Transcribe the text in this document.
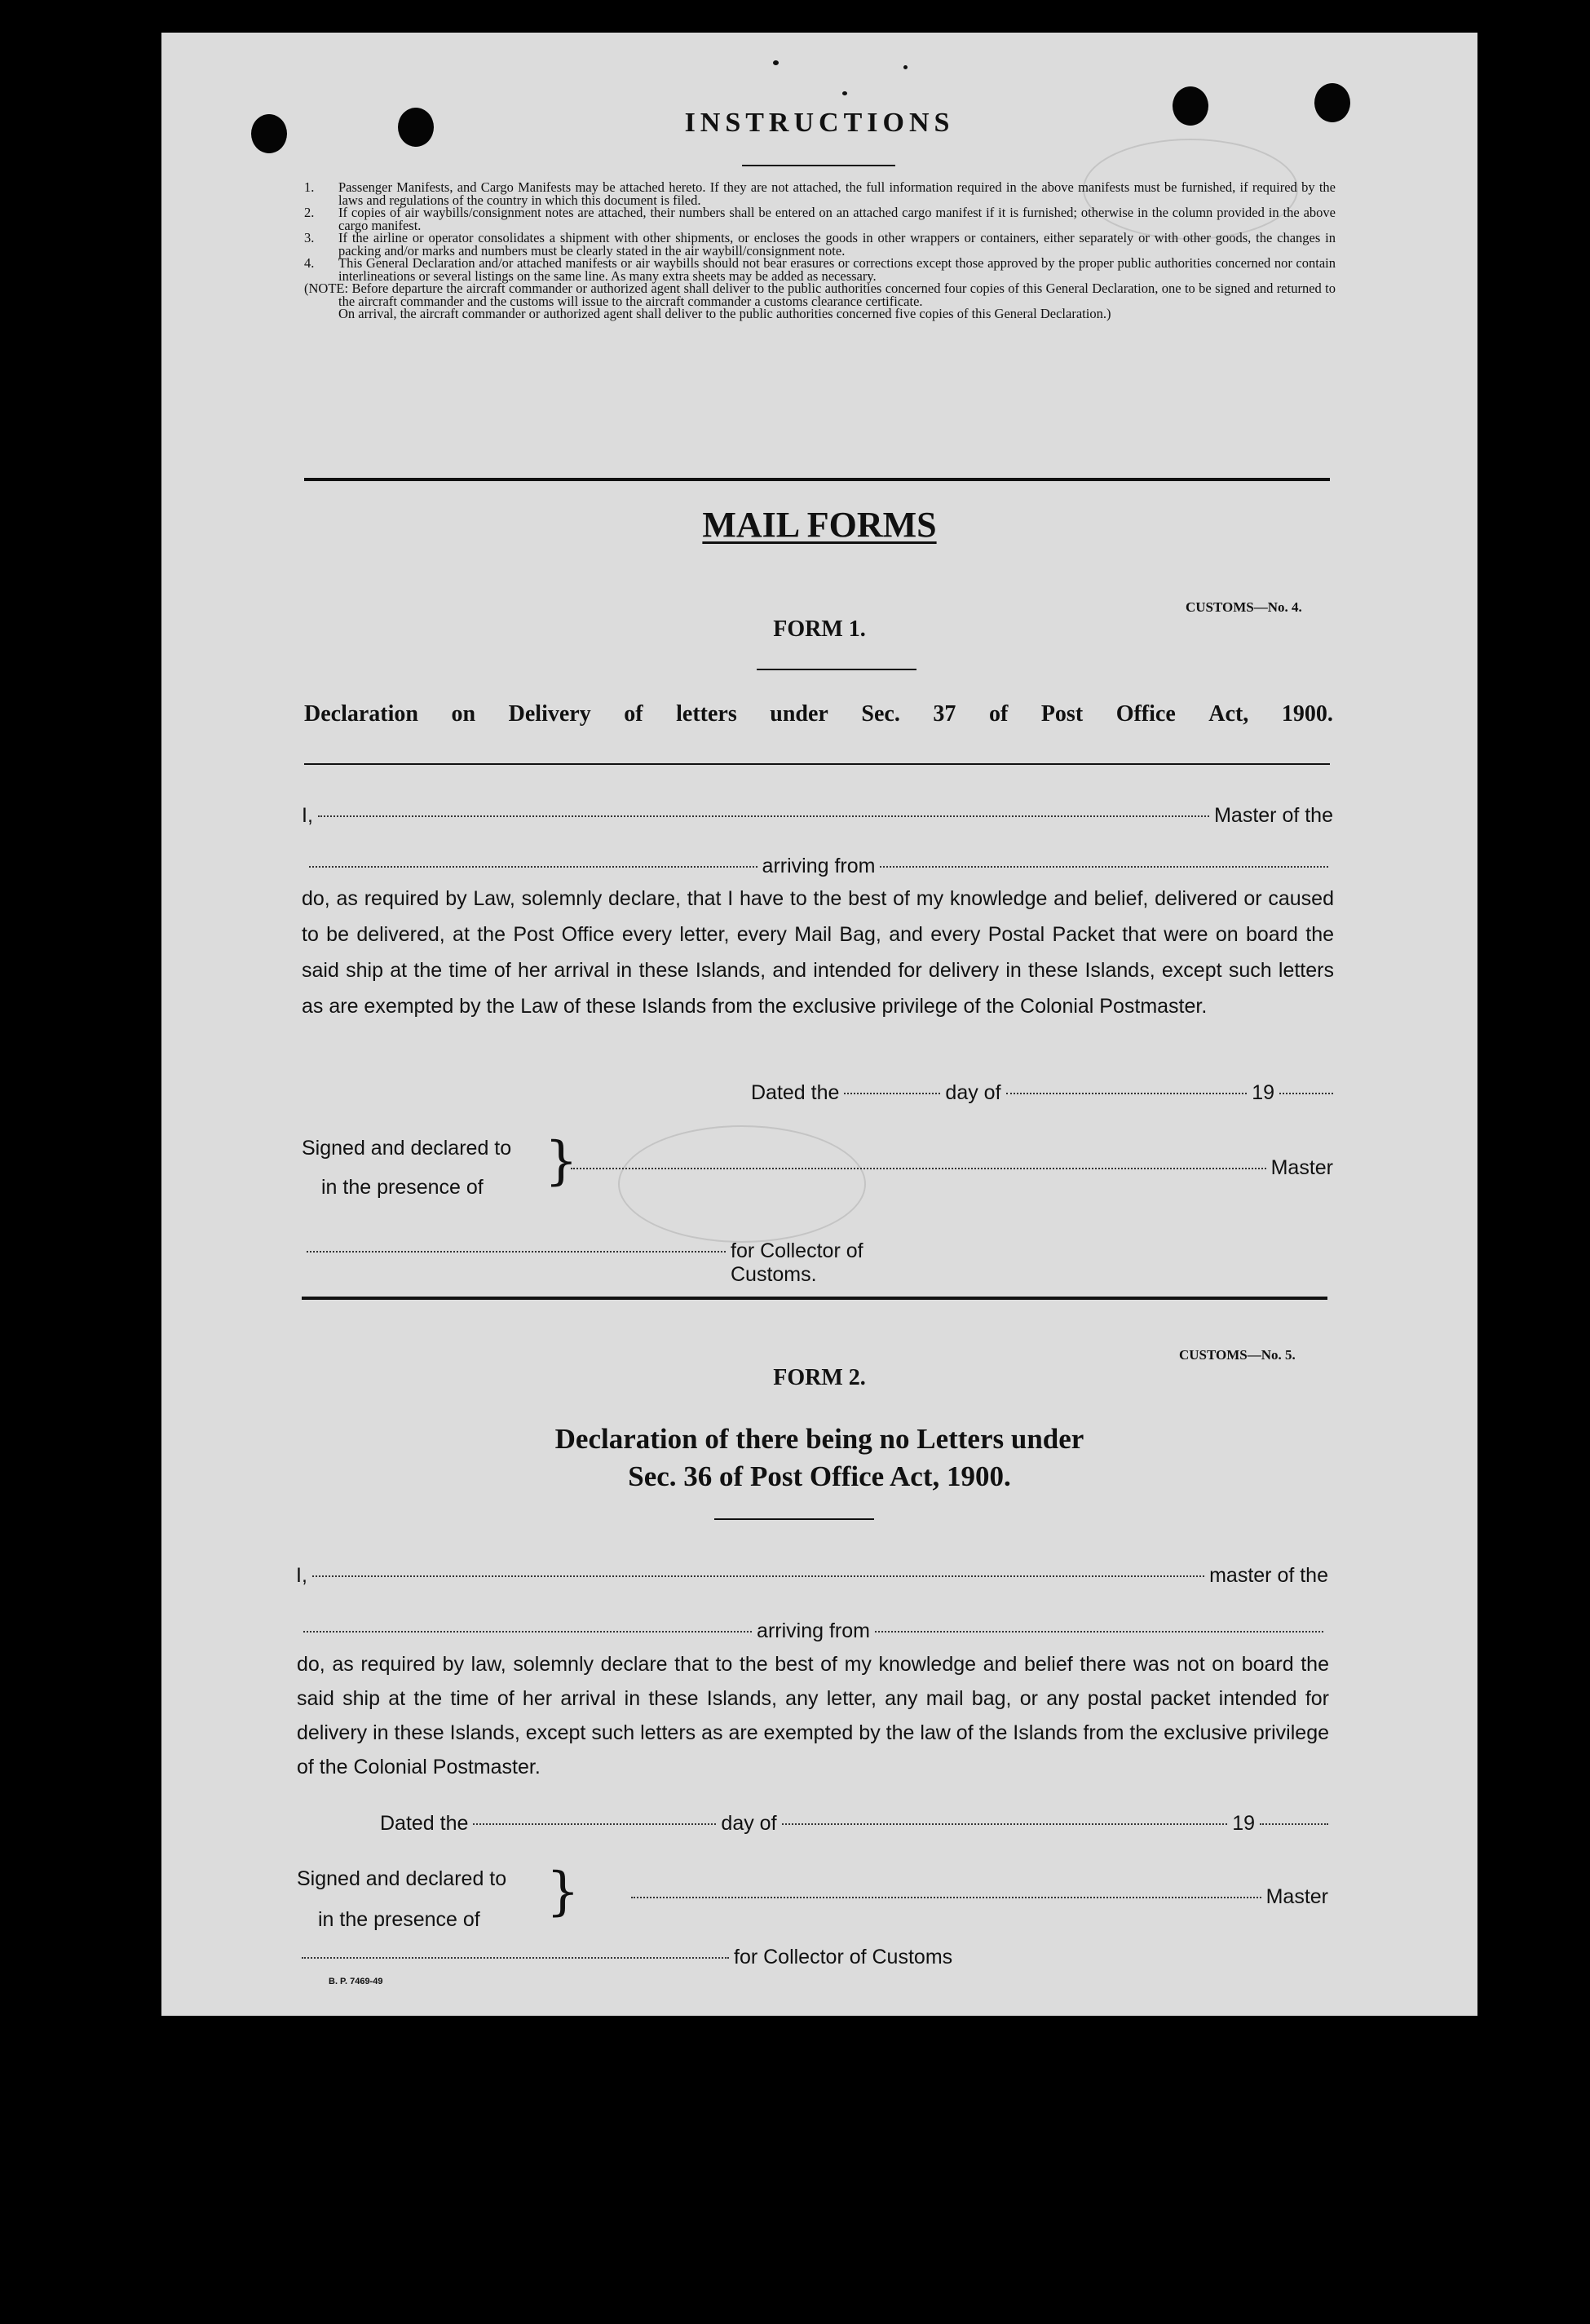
INSTRUCTIONS
1.	Passenger Manifests, and Cargo Manifests may be attached hereto. If they are not attached, the full information required in the above manifests must be furnished, if required by the laws and regulations of the country in which this document is filed.
2.	If copies of air waybills/consignment notes are attached, their numbers shall be entered on an attached cargo manifest if it is furnished; otherwise in the column provided in the above cargo manifest.
3.	If the airline or operator consolidates a shipment with other shipments, or encloses the goods in other wrappers or containers, either separately or with other goods, the changes in packing and/or marks and numbers must be clearly stated in the air waybill/consignment note.
4.	This General Declaration and/or attached manifests or air waybills should not bear erasures or corrections except those approved by the proper public authorities concerned nor contain interlineations or several listings on the same line. As many extra sheets may be added as necessary.
(NOTE: Before departure the aircraft commander or authorized agent shall deliver to the public authorities concerned four copies of this General Declaration, one to be signed and returned to the aircraft commander and the customs will issue to the aircraft commander a customs clearance certificate.
On arrival, the aircraft commander or authorized agent shall deliver to the public authorities concerned five copies of this General Declaration.)
MAIL FORMS
FORM 1.
CUSTOMS—No. 4.
Declaration on Delivery of letters under Sec. 37 of Post Office Act, 1900.
I,	Master of the
arriving from
do, as required by Law, solemnly declare, that I have to the best of my knowledge and belief, delivered or caused to be delivered, at the Post Office every letter, every Mail Bag, and every Postal Packet that were on board the said ship at the time of her arrival in these Islands, and intended for delivery in these Islands, except such letters as are exempted by the Law of these Islands from the exclusive privilege of the Colonial Postmaster.
Dated the	day of	19
Signed and declared to
in the presence of }	Master
for Collector of Customs.
FORM 2.
CUSTOMS—No. 5.
Declaration of there being no Letters under
Sec. 36 of Post Office Act, 1900.
I,	master of the
arriving from
do, as required by law, solemnly declare that to the best of my knowledge and belief there was not on board the said ship at the time of her arrival in these Islands, any letter, any mail bag, or any postal packet intended for delivery in these Islands, except such letters as are exempted by the law of the Islands from the exclusive privilege of the Colonial Postmaster.
Dated the	day of	19
Signed and declared to
in the presence of }	Master
for Collector of Customs
B. P. 7469-49
